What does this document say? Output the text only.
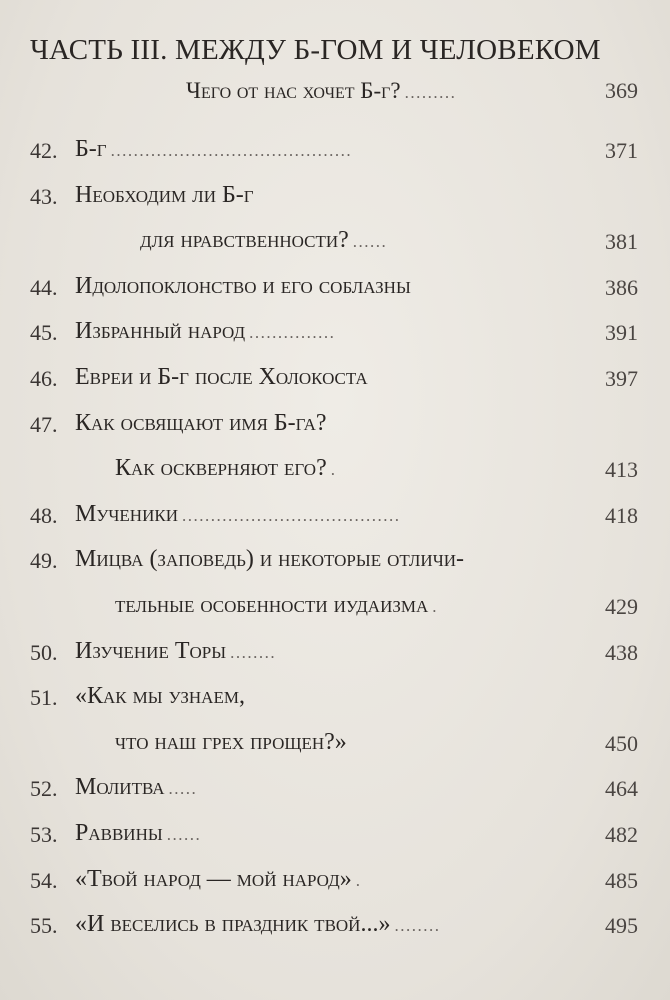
ЧАСТЬ III. МЕЖДУ Б-ГОМ И ЧЕЛОВЕКОМ
Чего от нас хочет Б-г? .........	369
42. Б-г ..........................................	371
43. Необходим ли Б-г
для нравственности? ......	381
44. Идолопоклонство и его соблазны	386
45. Избранный народ ...............	391
46. Евреи и Б-г после Холокоста	397
47. Как освящают имя Б-га?
Как оскверняют его? .	413
48. Мученики ......................................	418
49. Мицва (заповедь) и некоторые отличи-
тельные особенности иудаизма .	429
50. Изучение Торы ........	438
51. «Как мы узнаем,
что наш грех прощен?»	450
52. Молитва .....	464
53. Раввины ......	482
54. «Твой народ — мой народ» .	485
55. «И веселись в праздник твой...» ........	495
